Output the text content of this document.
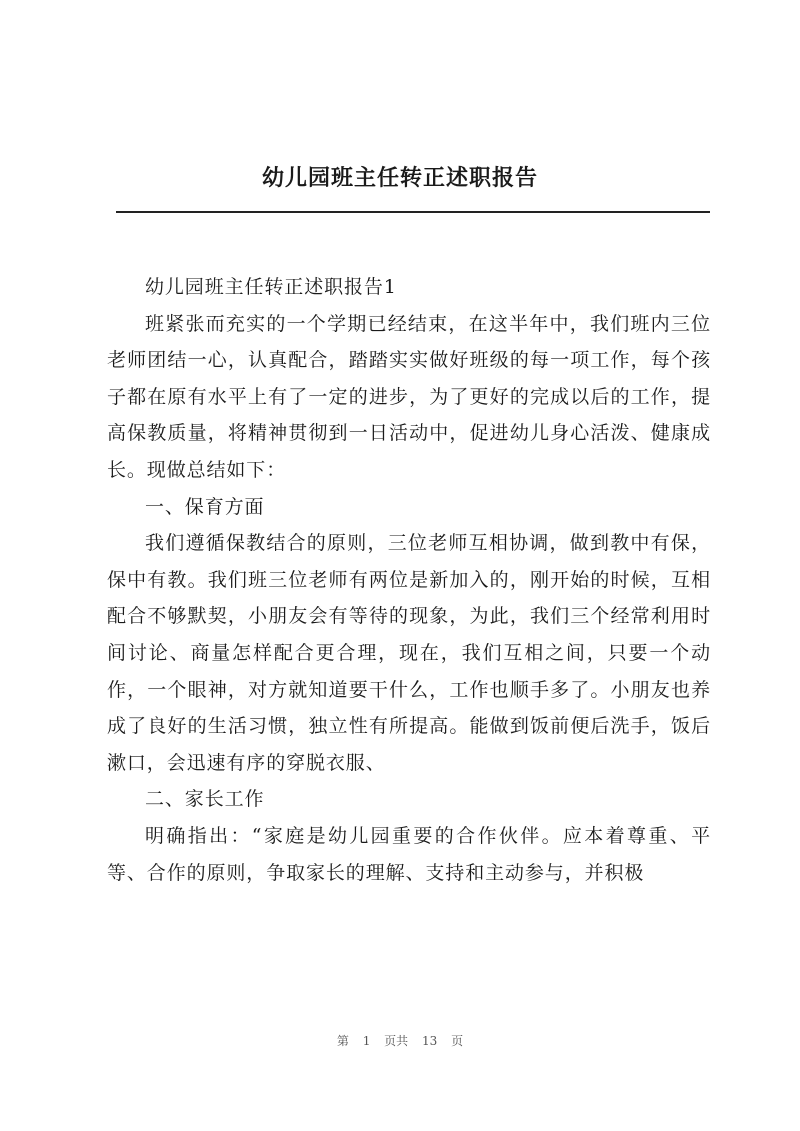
幼儿园班主任转正述职报告

幼儿园班主任转正述职报告1

班紧张而充实的一个学期已经结束，在这半年中，我们班内三位老师团结一心，认真配合，踏踏实实做好班级的每一项工作，每个孩子都在原有水平上有了一定的进步，为了更好的完成以后的工作，提高保教质量，将精神贯彻到一日活动中，促进幼儿身心活泼、健康成长。现做总结如下：

一、保育方面

我们遵循保教结合的原则，三位老师互相协调，做到教中有保，保中有教。我们班三位老师有两位是新加入的，刚开始的时候，互相配合不够默契，小朋友会有等待的现象，为此，我们三个经常利用时间讨论、商量怎样配合更合理，现在，我们互相之间，只要一个动作，一个眼神，对方就知道要干什么，工作也顺手多了。小朋友也养成了良好的生活习惯，独立性有所提高。能做到饭前便后洗手，饭后漱口，会迅速有序的穿脱衣服、

二、家长工作

明确指出：“家庭是幼儿园重要的合作伙伴。应本着尊重、平等、合作的原则，争取家长的理解、支持和主动参与，并积极

第 1 页共 13 页
